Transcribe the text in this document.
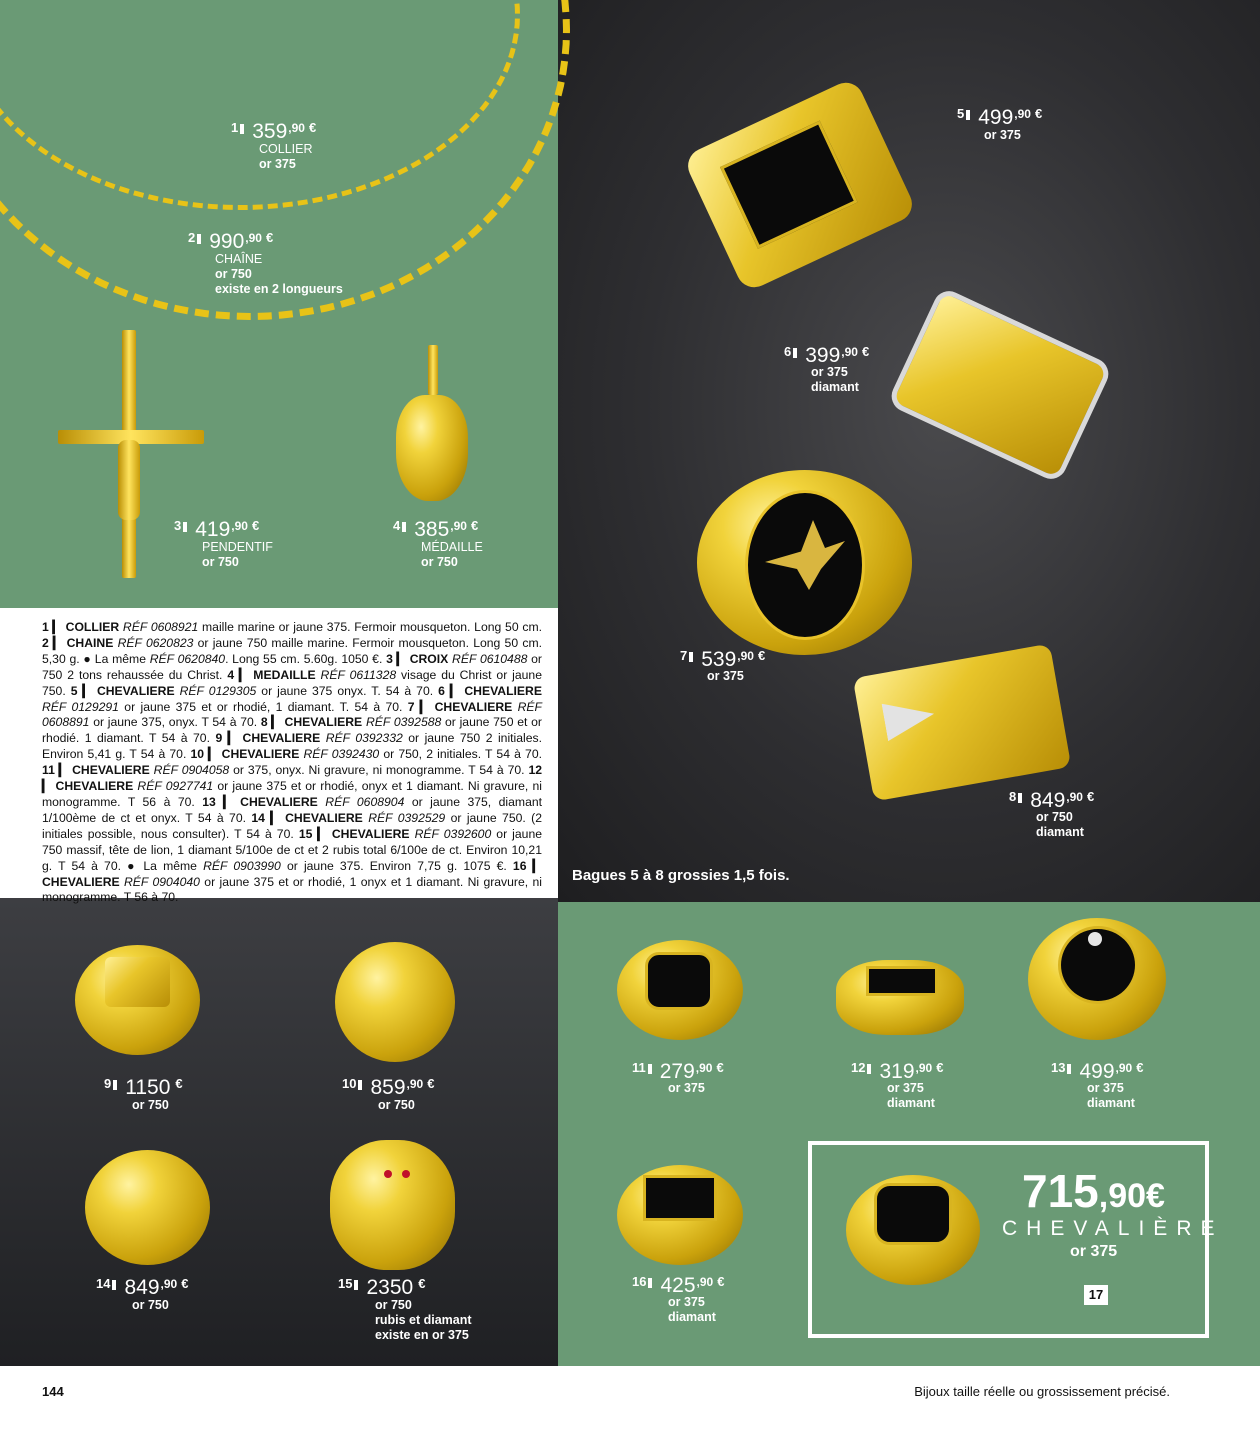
$^1$ $359^{,90}$ €
COLLIER
or 375
$^2$ $990^{,90}$ €
CHAÎNE
or 750
existe en 2 longueurs
$^3$ $419^{,90}$ €
PENDENTIF
or 750
$^4$ $385^{,90}$ €
MÉDAILLE
or 750
$^5$ $499^{,90}$ €
or 375
$^6$ $399^{,90}$ €
or 375
diamant
$^7$ $539^{,90}$ €
or 375
$^8$ $849^{,90}$ €
or 750
diamant
$^9$ 1150 €
or 750
$^{10}$ $859^{,90}$ €
or 750
$^{11}$ $279^{,90}$ €
or 375
$^{12}$ $319^{,90}$ €
or 375
diamant
$^{13}$ $499^{,90}$ €
or 375
diamant
$^{14}$ $849^{,90}$ €
or 750
$^{15}$ 2350 €
or 750
rubis et diamant
existe en or 375
$^{16}$ $425^{,90}$ €
or 375
diamant
715,90€
CHEVALIÈRE
or 375
17
1 ▎ COLLIER RÉF 0608921 maille marine or jaune 375. Fermoir mousqueton. Long 50 cm. 2 ▎ CHAINE RÉF 0620823 or jaune 750 maille marine. Fermoir mousqueton. Long 50 cm. 5,30 g. ● La même RÉF 0620840. Long 55 cm. 5.60g. 1050 €. 3 ▎ CROIX RÉF 0610488 or 750 2 tons rehaussée du Christ. 4 ▎ MEDAILLE RÉF 0611328 visage du Christ or jaune 750. 5 ▎ CHEVALIERE RÉF 0129305 or jaune 375 onyx. T. 54 à 70. 6 ▎ CHEVALIERE RÉF 0129291 or jaune 375 et or rhodié, 1 diamant. T. 54 à 70. 7 ▎ CHEVALIERE RÉF 0608891 or jaune 375, onyx. T 54 à 70. 8 ▎ CHEVALIERE RÉF 0392588 or jaune 750 et or rhodié. 1 diamant. T 54 à 70. 9 ▎ CHEVALIERE RÉF 0392332 or jaune 750 2 initiales. Environ 5,41 g. T 54 à 70. 10 ▎ CHEVALIERE RÉF 0392430 or 750, 2 initiales. T 54 à 70. 11 ▎ CHEVALIERE RÉF 0904058 or 375, onyx. Ni gravure, ni monogramme. T 54 à 70. 12 ▎ CHEVALIERE RÉF 0927741 or jaune 375 et or rhodié, onyx et 1 diamant. Ni gravure, ni monogramme. T 56 à 70. 13 ▎ CHEVALIERE RÉF 0608904 or jaune 375, diamant 1/100ème de ct et onyx. T 54 à 70. 14 ▎ CHEVALIERE RÉF 0392529 or jaune 750. (2 initiales possible, nous consulter). T 54 à 70. 15 ▎ CHEVALIERE RÉF 0392600 or jaune 750 massif, tête de lion, 1 diamant 5/100e de ct et 2 rubis total 6/100e de ct. Environ 10,21 g. T 54 à 70. ● La même RÉF 0903990 or jaune 375. Environ 7,75 g. 1075 €. 16 ▎ CHEVALIERE RÉF 0904040 or jaune 375 et or rhodié, 1 onyx et 1 diamant. Ni gravure, ni monogramme. T 56 à 70.
Bagues 5 à 8 grossies 1,5 fois.
144	Bijoux taille réelle ou grossissement précisé.
